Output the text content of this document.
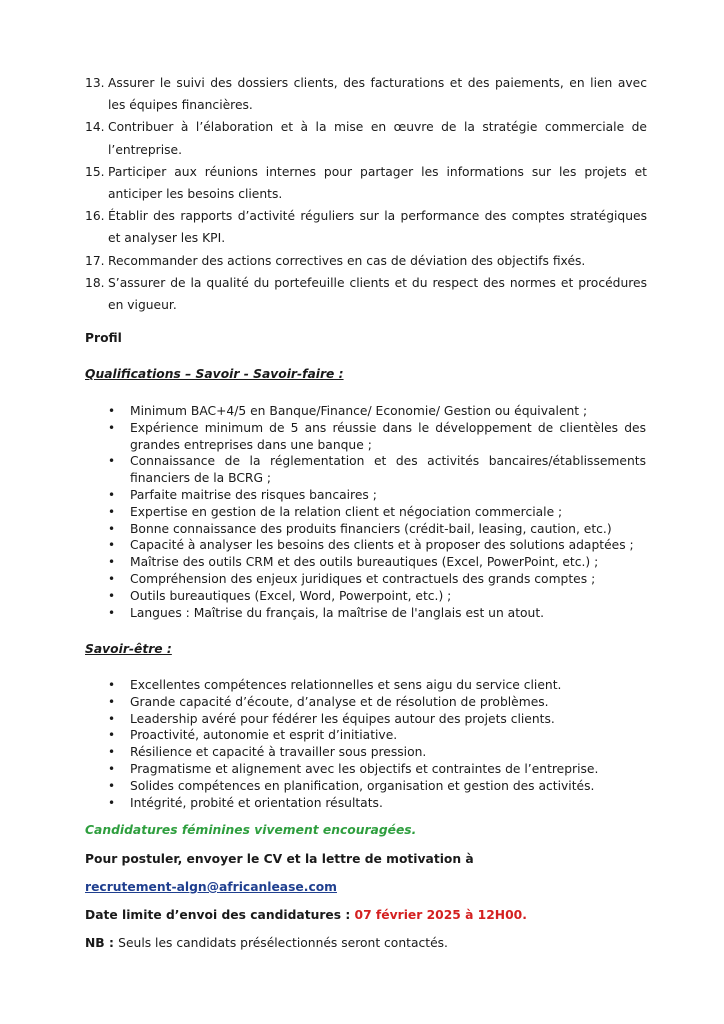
13. Assurer le suivi des dossiers clients, des facturations et des paiements, en lien avec les équipes financières.
14. Contribuer à l’élaboration et à la mise en œuvre de la stratégie commerciale de l’entreprise.
15. Participer aux réunions internes pour partager les informations sur les projets et anticiper les besoins clients.
16. Établir des rapports d’activité réguliers sur la performance des comptes stratégiques et analyser les KPI.
17. Recommander des actions correctives en cas de déviation des objectifs fixés.
18. S’assurer de la qualité du portefeuille clients et du respect des normes et procédures en vigueur.
Profil
Qualifications – Savoir - Savoir-faire :
• Minimum BAC+4/5 en Banque/Finance/ Economie/ Gestion ou équivalent ;
• Expérience minimum de 5 ans réussie dans le développement de clientèles des grandes entreprises dans une banque ;
• Connaissance de la réglementation et des activités bancaires/établissements financiers de la BCRG ;
• Parfaite maitrise des risques bancaires ;
• Expertise en gestion de la relation client et négociation commerciale ;
• Bonne connaissance des produits financiers (crédit-bail, leasing, caution, etc.)
• Capacité à analyser les besoins des clients et à proposer des solutions adaptées ;
• Maîtrise des outils CRM et des outils bureautiques (Excel, PowerPoint, etc.) ;
• Compréhension des enjeux juridiques et contractuels des grands comptes ;
• Outils bureautiques (Excel, Word, Powerpoint, etc.) ;
• Langues : Maîtrise du français, la maîtrise de l'anglais est un atout.
Savoir-être :
• Excellentes compétences relationnelles et sens aigu du service client.
• Grande capacité d’écoute, d’analyse et de résolution de problèmes.
• Leadership avéré pour fédérer les équipes autour des projets clients.
• Proactivité, autonomie et esprit d’initiative.
• Résilience et capacité à travailler sous pression.
• Pragmatisme et alignement avec les objectifs et contraintes de l’entreprise.
• Solides compétences en planification, organisation et gestion des activités.
• Intégrité, probité et orientation résultats.
Candidatures féminines vivement encouragées.
Pour postuler, envoyer le CV et la lettre de motivation à
recrutement-algn@africanlease.com
Date limite d’envoi des candidatures : 07 février 2025 à 12H00.
NB : Seuls les candidats présélectionnés seront contactés.
